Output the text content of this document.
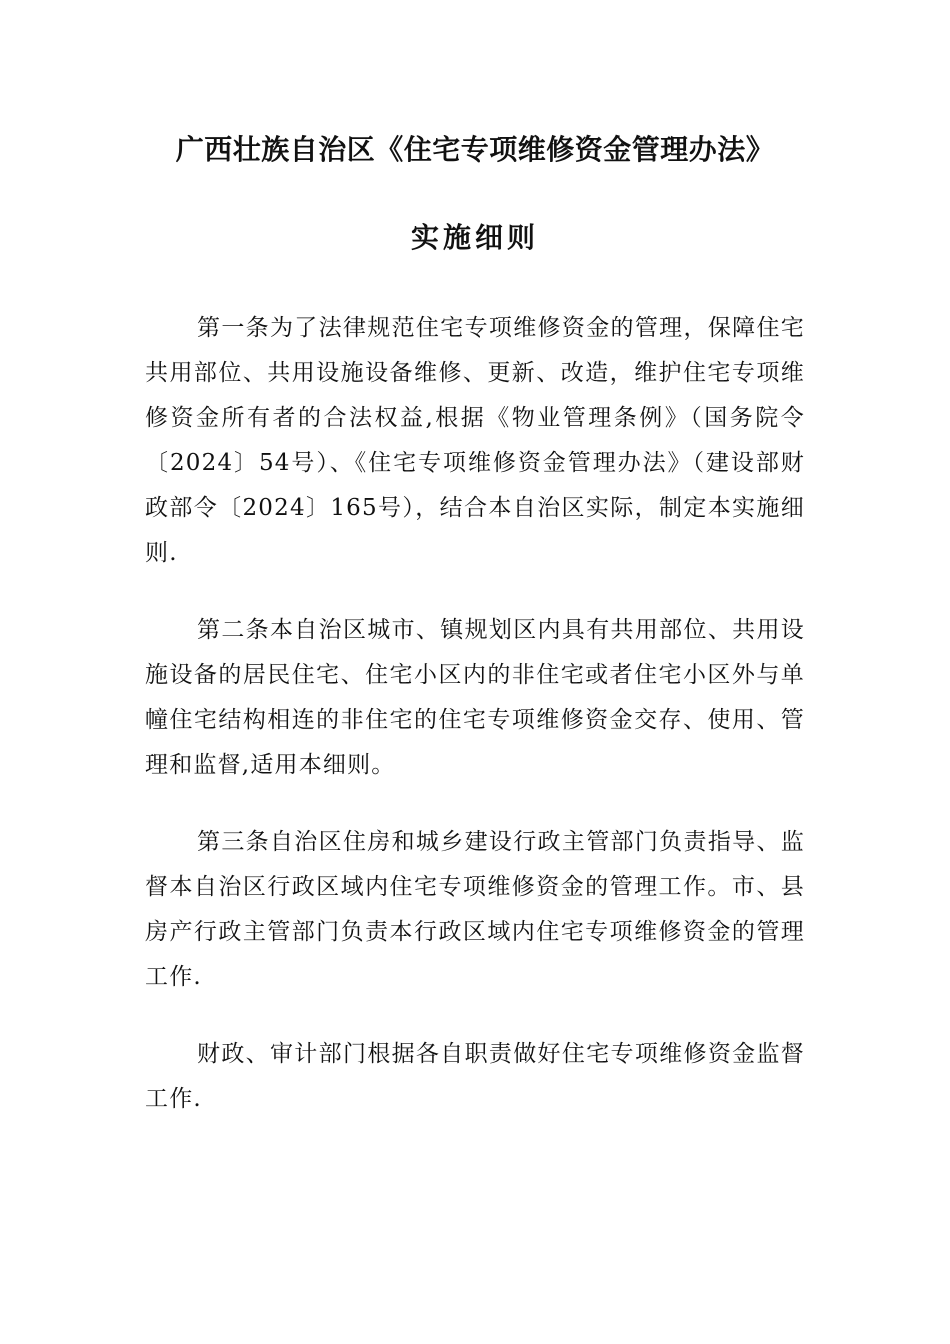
广西壮族自治区《住宅专项维修资金管理办法》
实施细则

第一条为了法律规范住宅专项维修资金的管理，保障住宅共用部位、共用设施设备维修、更新、改造，维护住宅专项维修资金所有者的合法权益,根据《物业管理条例》（国务院令〔2024〕54号）、《住宅专项维修资金管理办法》（建设部财政部令〔2024〕165号），结合本自治区实际，制定本实施细则.

第二条本自治区城市、镇规划区内具有共用部位、共用设施设备的居民住宅、住宅小区内的非住宅或者住宅小区外与单幢住宅结构相连的非住宅的住宅专项维修资金交存、使用、管理和监督,适用本细则。

第三条自治区住房和城乡建设行政主管部门负责指导、监督本自治区行政区域内住宅专项维修资金的管理工作。市、县房产行政主管部门负责本行政区域内住宅专项维修资金的管理工作.

财政、审计部门根据各自职责做好住宅专项维修资金监督工作.
